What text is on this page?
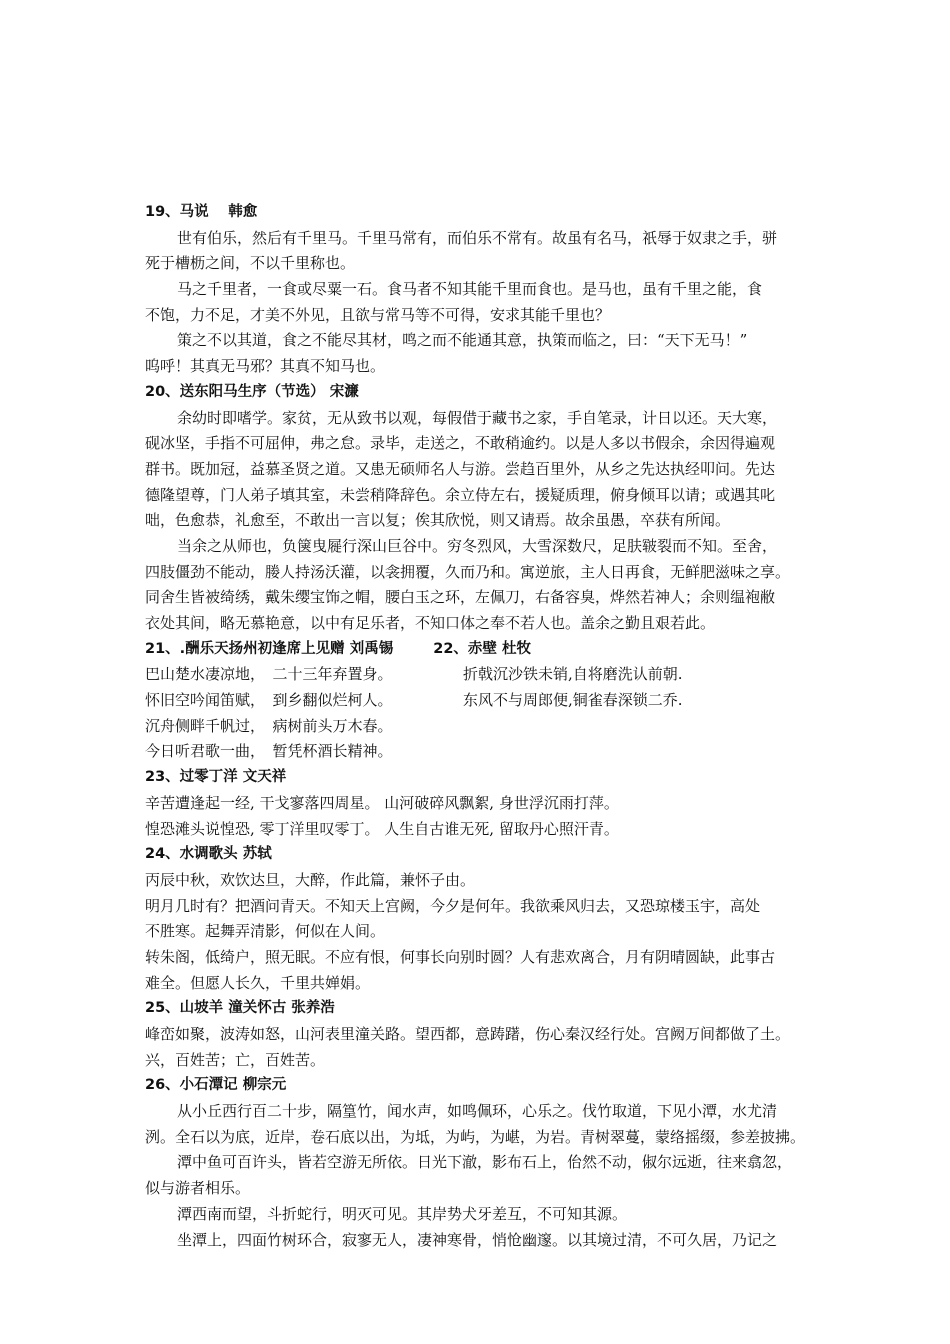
19、马说　 韩愈
世有伯乐，然后有千里马。千里马常有，而伯乐不常有。故虽有名马，祇辱于奴隶之手，骈
死于槽枥之间，不以千里称也。
马之千里者，一食或尽粟一石。食马者不知其能千里而食也。是马也，虽有千里之能，食
不饱，力不足，才美不外见，且欲与常马等不可得，安求其能千里也？
策之不以其道，食之不能尽其材，鸣之而不能通其意，执策而临之，曰：“天下无马！”
呜呼！其真无马邪？其真不知马也。
20、送东阳马生序（节选） 宋濂
余幼时即嗜学。家贫，无从致书以观，每假借于藏书之家，手自笔录，计日以还。天大寒，
砚冰坚，手指不可屈伸，弗之怠。录毕，走送之，不敢稍逾约。以是人多以书假余，余因得遍观
群书。既加冠，益慕圣贤之道。又患无硕师名人与游。尝趋百里外，从乡之先达执经叩问。先达
德隆望尊，门人弟子填其室，未尝稍降辞色。余立侍左右，援疑质理，俯身倾耳以请；或遇其叱
咄，色愈恭，礼愈至，不敢出一言以复；俟其欣悦，则又请焉。故余虽愚，卒获有所闻。
当余之从师也，负箧曳屣行深山巨谷中。穷冬烈风，大雪深数尺，足肤皲裂而不知。至舍，
四肢僵劲不能动，媵人持汤沃灌，以衾拥覆，久而乃和。寓逆旅，主人日再食，无鲜肥滋味之享。
同舍生皆被绮绣，戴朱缨宝饰之帽，腰白玉之环，左佩刀，右备容臭，烨然若神人；余则缊袍敝
衣处其间，略无慕艳意，以中有足乐者，不知口体之奉不若人也。盖余之勤且艰若此。
21、.酬乐天扬州初逢席上见赠 刘禹锡	22、赤壁 杜牧
巴山楚水凄凉地，　二十三年弃置身。	折戟沉沙铁未销,自将磨洗认前朝.
怀旧空吟闻笛赋，　到乡翻似烂柯人。	东风不与周郎便,铜雀春深锁二乔.
沉舟侧畔千帆过，　病树前头万木春。
今日听君歌一曲，　暂凭杯酒长精神。
23、过零丁洋 文天祥
辛苦遭逢起一经, 干戈寥落四周星。 山河破碎风飘絮, 身世浮沉雨打萍。
惶恐滩头说惶恐, 零丁洋里叹零丁。 人生自古谁无死, 留取丹心照汗青。
24、水调歌头 苏轼
丙辰中秋，欢饮达旦，大醉，作此篇，兼怀子由。
明月几时有？把酒问青天。不知天上宫阙，今夕是何年。我欲乘风归去，又恐琼楼玉宇，高处
不胜寒。起舞弄清影，何似在人间。
转朱阁，低绮户，照无眠。不应有恨，何事长向别时圆？人有悲欢离合，月有阴晴圆缺，此事古
难全。但愿人长久，千里共婵娟。
25、山坡羊 潼关怀古 张养浩
峰峦如聚，波涛如怒，山河表里潼关路。望西都，意踌躇，伤心秦汉经行处。宫阙万间都做了土。
兴，百姓苦；亡，百姓苦。
26、小石潭记 柳宗元
从小丘西行百二十步，隔篁竹，闻水声，如鸣佩环，心乐之。伐竹取道，下见小潭，水尤清
洌。全石以为底，近岸，卷石底以出，为坻，为屿，为嵁，为岩。青树翠蔓，蒙络摇缀，参差披拂。
潭中鱼可百许头，皆若空游无所依。日光下澈，影布石上，佁然不动，俶尔远逝，往来翕忽，
似与游者相乐。
潭西南而望，斗折蛇行，明灭可见。其岸势犬牙差互，不可知其源。
坐潭上，四面竹树环合，寂寥无人，凄神寒骨，悄怆幽邃。以其境过清，不可久居，乃记之
